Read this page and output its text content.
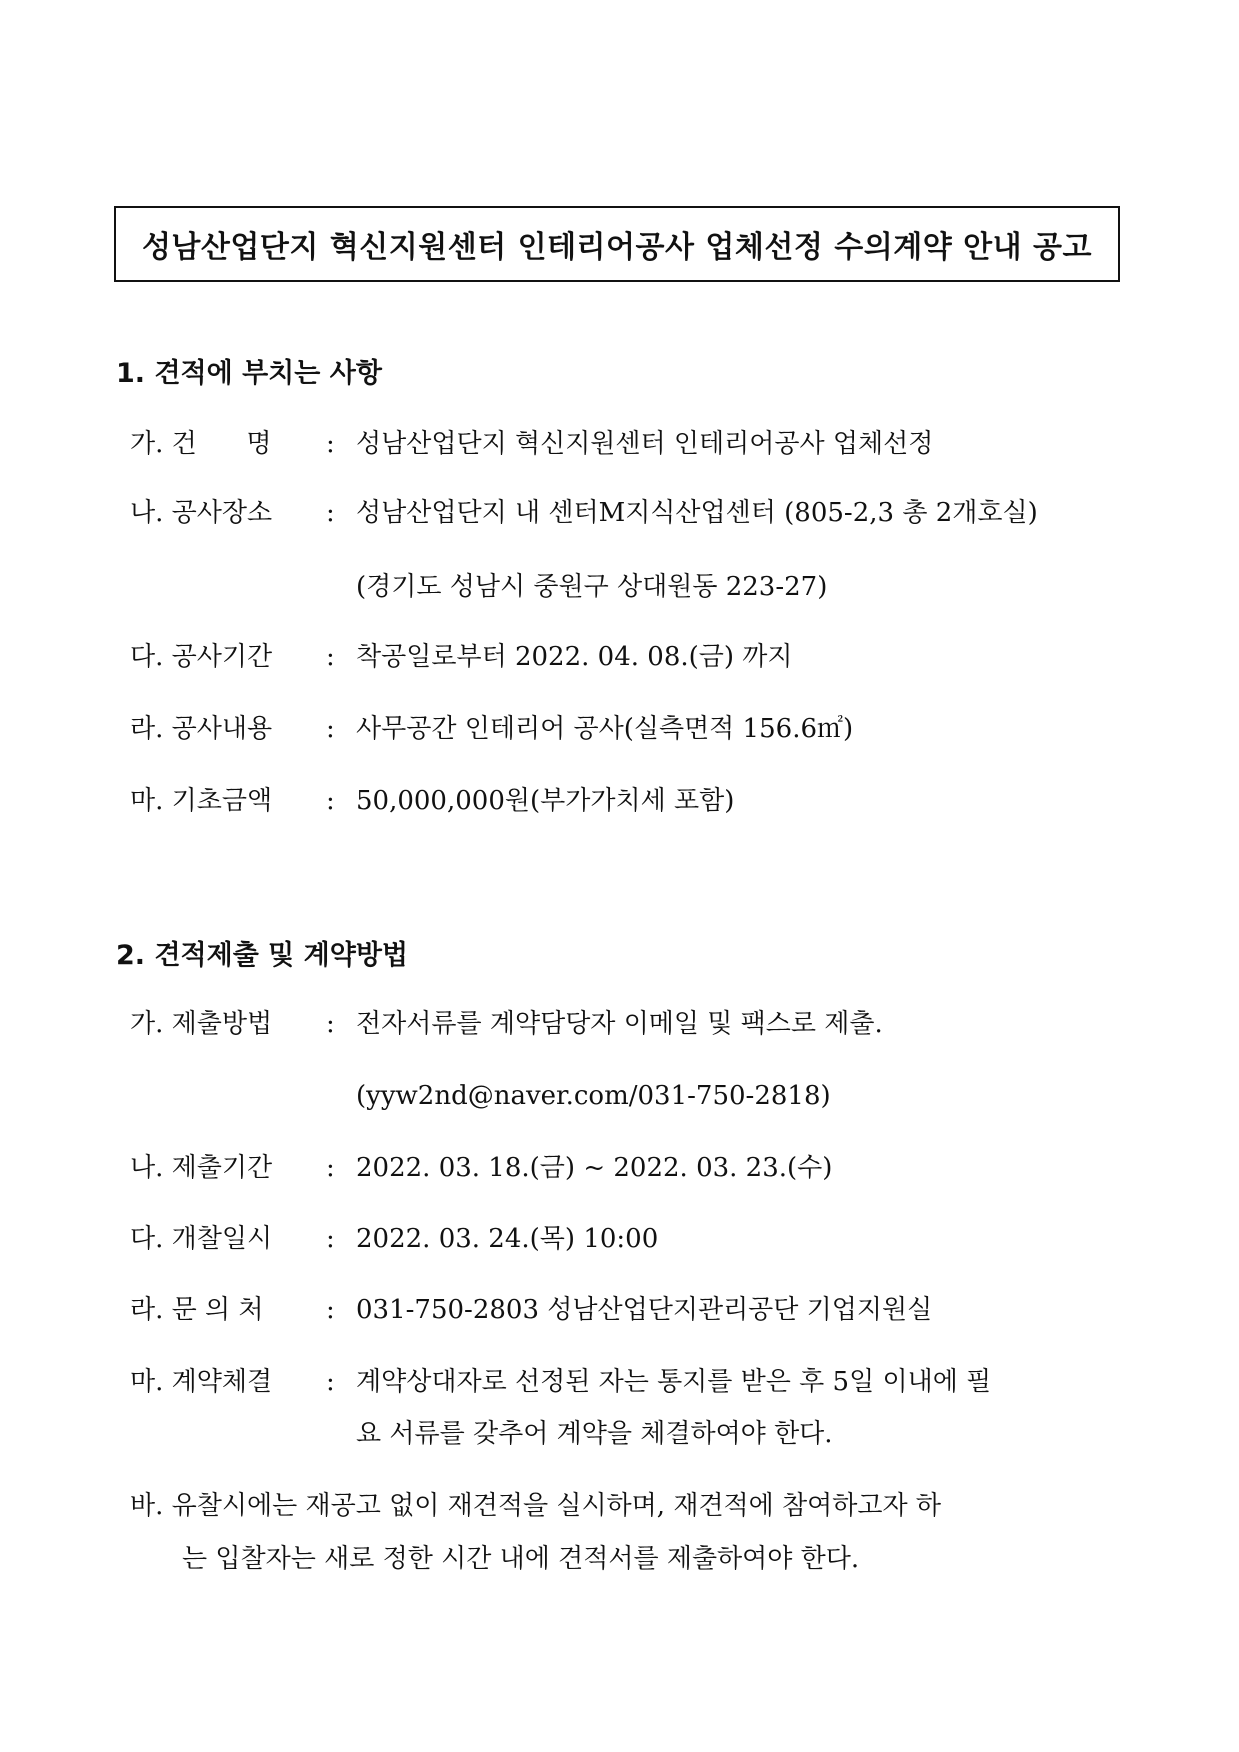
성남산업단지 혁신지원센터 인테리어공사 업체선정 수의계약 안내 공고
1. 견적에 부치는 사항
가. 건      명 : 성남산업단지 혁신지원센터 인테리어공사 업체선정
나. 공사장소 : 성남산업단지 내 센터M지식산업센터 (805-2,3 총 2개호실)
(경기도 성남시 중원구 상대원동 223-27)
다. 공사기간 : 착공일로부터 2022. 04. 08.(금) 까지
라. 공사내용 : 사무공간 인테리어 공사(실측면적 156.6㎡)
마. 기초금액 : 50,000,000원(부가가치세 포함)
2. 견적제출 및 계약방법
가. 제출방법 : 전자서류를 계약담당자 이메일 및 팩스로 제출.
(yyw2nd@naver.com/031-750-2818)
나. 제출기간 : 2022. 03. 18.(금) ~ 2022. 03. 23.(수)
다. 개찰일시 : 2022. 03. 24.(목) 10:00
라. 문 의 처 : 031-750-2803 성남산업단지관리공단 기업지원실
마. 계약체결 : 계약상대자로 선정된 자는 통지를 받은 후 5일 이내에 필
요 서류를 갖추어 계약을 체결하여야 한다.
바. 유찰시에는 재공고 없이 재견적을 실시하며, 재견적에 참여하고자 하
는 입찰자는 새로 정한 시간 내에 견적서를 제출하여야 한다.
